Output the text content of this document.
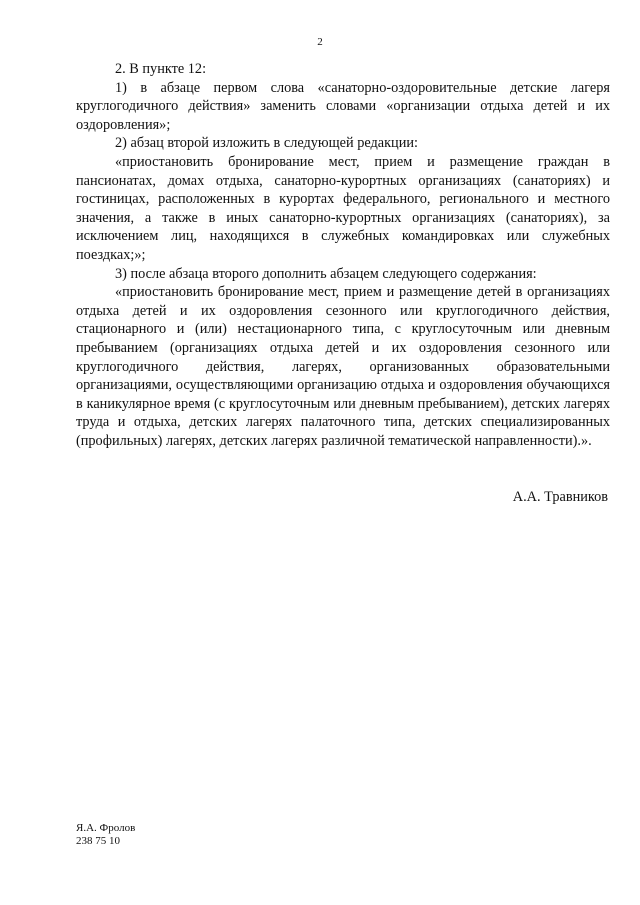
2

2. В пункте 12:

1) в абзаце первом слова «санаторно-оздоровительные детские лагеря круглогодичного действия» заменить словами «организации отдыха детей и их оздоровления»;

2) абзац второй изложить в следующей редакции:

«приостановить бронирование мест, прием и размещение граждан в пансионатах, домах отдыха, санаторно-курортных организациях (санаториях) и гостиницах, расположенных в курортах федерального, регионального и местного значения, а также в иных санаторно-курортных организациях (санаториях), за исключением лиц, находящихся в служебных командировках или служебных поездках;»;

3) после абзаца второго дополнить абзацем следующего содержания:

«приостановить бронирование мест, прием и размещение детей в организациях отдыха детей и их оздоровления сезонного или круглогодичного действия, стационарного и (или) нестационарного типа, с круглосуточным или дневным пребыванием (организациях отдыха детей и их оздоровления сезонного или круглогодичного действия, лагерях, организованных образовательными организациями, осуществляющими организацию отдыха и оздоровления обучающихся в каникулярное время (с круглосуточным или дневным пребыванием), детских лагерях труда и отдыха, детских лагерях палаточного типа, детских специализированных (профильных) лагерях, детских лагерях различной тематической направленности).».

А.А. Травников
Я.А. Фролов
238 75 10
